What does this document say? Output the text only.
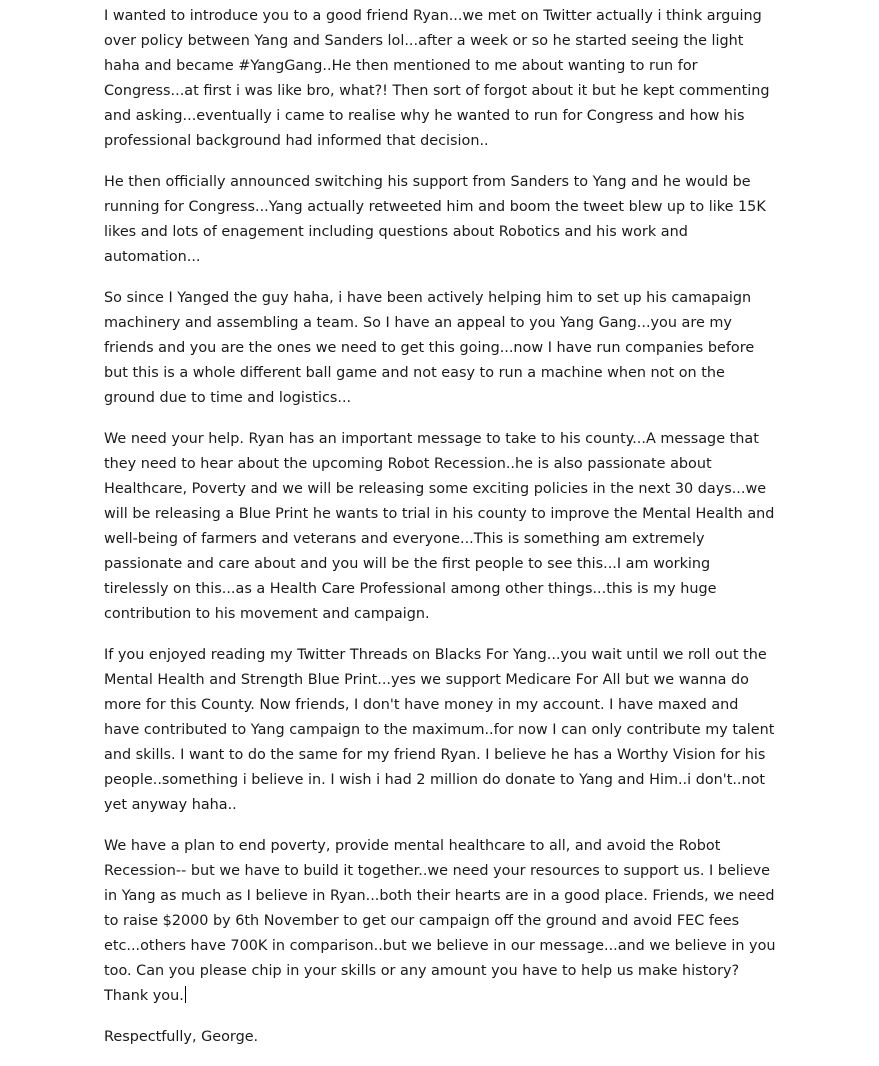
I wanted to introduce you to a good friend Ryan...we met on Twitter actually i think arguing over policy between Yang and Sanders lol...after a week or so he started seeing the light haha and became #YangGang..He then mentioned to me about wanting to run for Congress...at first i was like bro, what?! Then sort of forgot about it but he kept commenting and asking...eventually i came to realise why he wanted to run for Congress and how his professional background had informed that decision..

He then officially announced switching his support from Sanders to Yang and he would be running for Congress...Yang actually retweeted him and boom the tweet blew up to like 15K likes and lots of enagement including questions about Robotics and his work and automation...

So since I Yanged the guy haha, i have been actively helping him to set up his camapaign machinery and assembling a team. So I have an appeal to you Yang Gang...you are my friends and you are the ones we need to get this going...now I have run companies before but this is a whole different ball game and not easy to run a machine when not on the ground due to time and logistics...

We need your help. Ryan has an important message to take to his county...A message that they need to hear about the upcoming Robot Recession..he is also passionate about Healthcare, Poverty and we will be releasing some exciting policies in the next 30 days...we will be releasing a Blue Print he wants to trial in his county to improve the Mental Health and well-being of farmers and veterans and everyone...This is something am extremely passionate and care about and you will be the first people to see this...I am working tirelessly on this...as a Health Care Professional among other things...this is my huge contribution to his movement and campaign.

If you enjoyed reading my Twitter Threads on Blacks For Yang...you wait until we roll out the Mental Health and Strength Blue Print...yes we support Medicare For All but we wanna do more for this County. Now friends, I don't have money in my account. I have maxed and have contributed to Yang campaign to the maximum..for now I can only contribute my talent and skills. I want to do the same for my friend Ryan. I believe he has a Worthy Vision for his people..something i believe in. I wish i had 2 million do donate to Yang and Him..i don't..not yet anyway haha..

We have a plan to end poverty, provide mental healthcare to all, and avoid the Robot Recession-- but we have to build it together..we need your resources to support us. I believe in Yang as much as I believe in Ryan...both their hearts are in a good place. Friends, we need to raise $2000 by 6th November to get our campaign off the ground and avoid FEC fees etc...others have 700K in comparison..but we believe in our message...and we believe in you too. Can you please chip in your skills or any amount you have to help us make history? Thank you.

Respectfully, George.
